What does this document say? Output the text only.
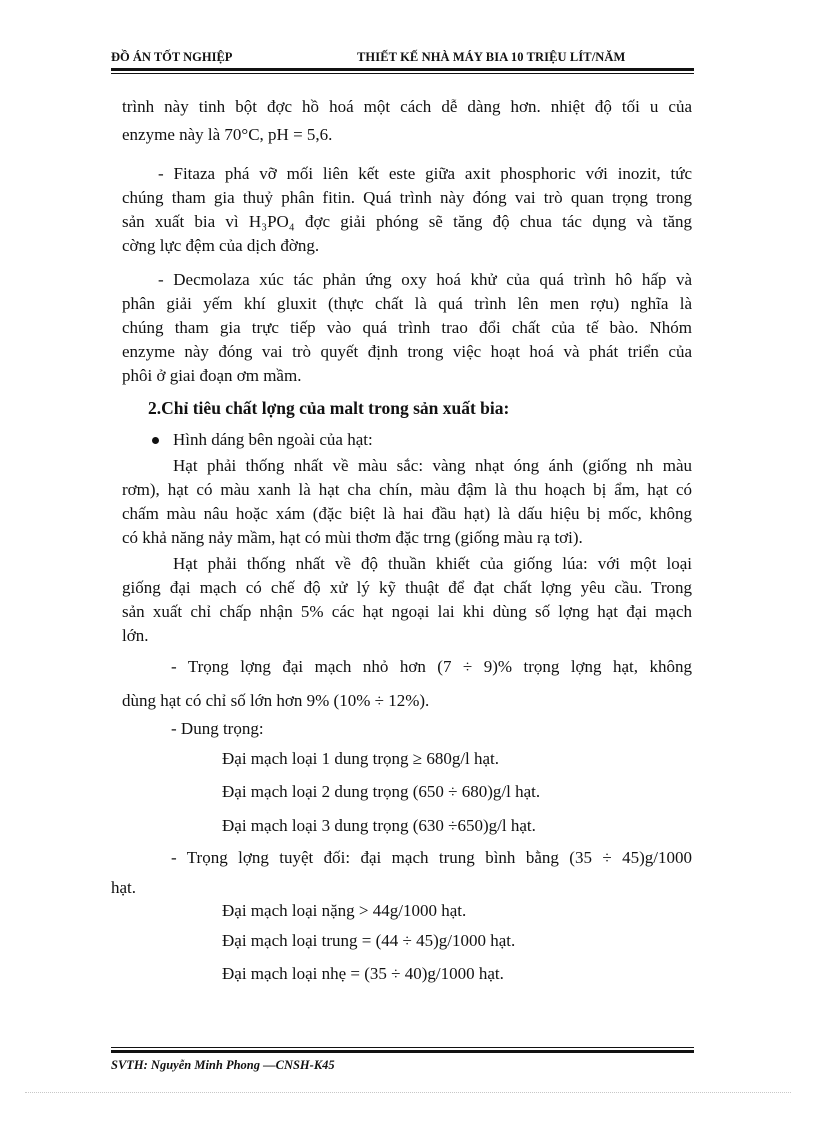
ĐỒ ÁN TỐT NGHIỆP	THIẾT KẾ NHÀ MÁY BIA 10 TRIỆU LÍT/NĂM
trình này tinh bột đợc hồ hoá một cách dễ dàng hơn. nhiệt độ tối u của
enzyme này là 70°C, pH = 5,6.
- Fitaza phá vỡ mối liên kết este giữa axit phosphoric với inozit, tức
chúng tham gia thuỷ phân fitin. Quá trình này đóng vai trò quan trọng trong
sản xuất bia vì H₃PO₄ đợc giải phóng sẽ tăng độ chua tác dụng và tăng
cờng lực đệm của dịch đờng.
- Decmolaza xúc tác phản ứng oxy hoá khử của quá trình hô hấp và
phân giải yếm khí gluxit (thực chất là quá trình lên men rợu) nghĩa là
chúng tham gia trực tiếp vào quá trình trao đổi chất của tế bào. Nhóm
enzyme này đóng vai trò quyết định trong việc hoạt hoá và phát triển của
phôi ở giai đoạn ơm mầm.
2.Chỉ tiêu chất lợng của malt trong sản xuất bia:
Hình dáng bên ngoài của hạt:
Hạt phải thống nhất về màu sắc: vàng nhạt óng ánh (giống nh màu
rơm), hạt có màu xanh là hạt cha chín, màu đậm là thu hoạch bị ẩm, hạt có
chấm màu nâu hoặc xám (đặc biệt là hai đầu hạt) là dấu hiệu bị mốc, không
có khả năng nảy mầm, hạt có mùi thơm đặc trng (giống màu rạ tơi).
Hạt phải thống nhất về độ thuần khiết của giống lúa: với một loại
giống đại mạch có chế độ xử lý kỹ thuật để đạt chất lợng yêu cầu. Trong
sản xuất chỉ chấp nhận 5% các hạt ngoại lai khi dùng số lợng hạt đại mạch
lớn.
- Trọng lợng đại mạch nhỏ hơn (7 ÷ 9)% trọng lợng hạt, không
dùng hạt có chỉ số lớn hơn 9% (10% ÷ 12%).
- Dung trọng:
Đại mạch loại 1 dung trọng ≥ 680g/l hạt.
Đại mạch loại 2 dung trọng (650 ÷ 680)g/l hạt.
Đại mạch loại 3 dung trọng (630 ÷650)g/l hạt.
- Trọng lợng tuyệt đối: đại mạch trung bình bằng (35 ÷ 45)g/1000
hạt.
Đại mạch loại nặng > 44g/1000 hạt.
Đại mạch loại trung = (44 ÷ 45)g/1000 hạt.
Đại mạch loại nhẹ = (35 ÷ 40)g/1000 hạt.
SVTH: Nguyễn Minh Phong —CNSH-K45
